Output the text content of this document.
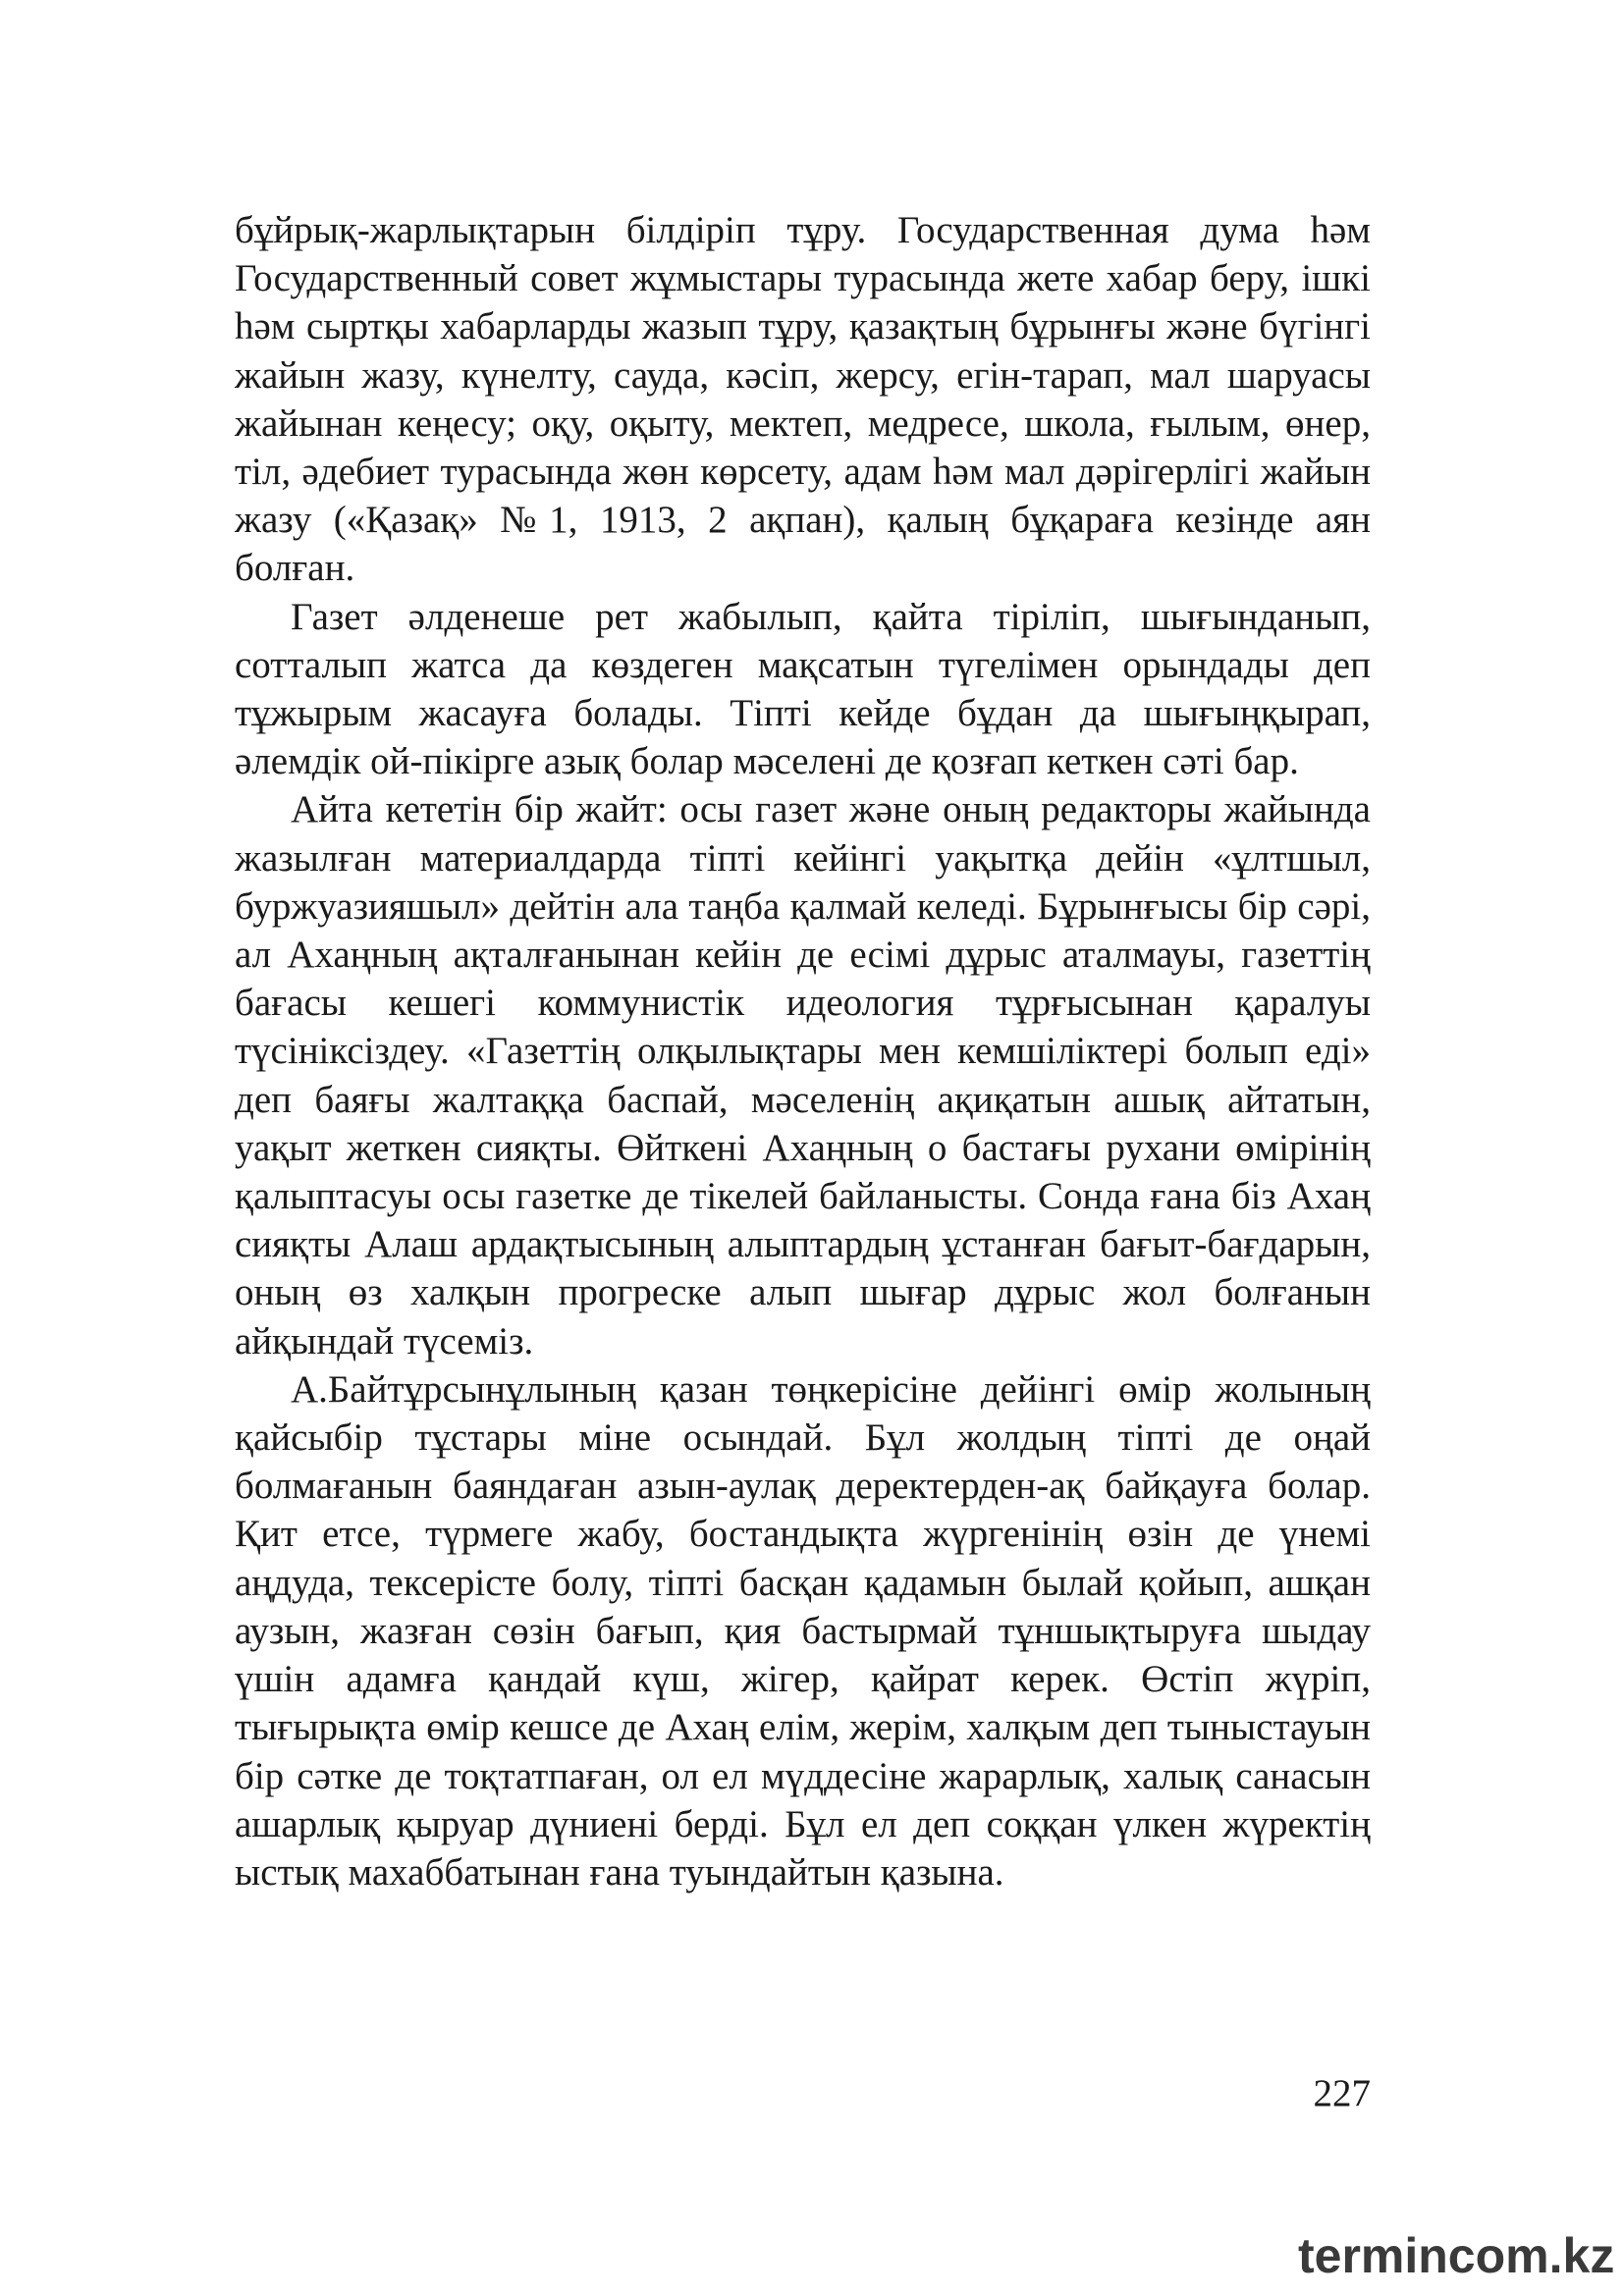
бұйрық-жарлықтарын білдіріп тұру. Государственная дума һәм Государственный совет жұмыстары турасында жете хабар беру, ішкі һәм сыртқы хабарларды жазып тұру, қазақтың бұрынғы және бүгінгі жайын жазу, күнелту, сауда, кәсіп, жерсу, егін-тарап, мал шаруасы жайынан кеңесу; оқу, оқыту, мектеп, медресе, школа, ғылым, өнер, тіл, әдебиет турасында жөн көрсету, адам һәм мал дәрігерлігі жайын жазу («Қазақ» №1, 1913, 2 ақпан), қалың бұқараға кезінде аян болған.

Газет әлденеше рет жабылып, қайта тіріліп, шығынданып, сотталып жатса да көздеген мақсатын түгелімен орындады деп тұжырым жасауға болады. Тіпті кейде бұдан да шығыңқырап, әлемдік ой-пікірге азық болар мәселені де қозғап кеткен сәті бар.

Айта кететін бір жайт: осы газет және оның редакторы жайында жазылған материалдарда тіпті кейінгі уақытқа дейін «ұлтшыл, буржуазияшыл» дейтін ала таңба қалмай келеді. Бұрынғысы бір сәрі, ал Ахаңның ақталғанынан кейін де есімі дұрыс аталмауы, газеттің бағасы кешегі коммунистік идеология тұрғысынан қаралуы түсініксіздеу. «Газеттің олқылықтары мен кемшіліктері болып еді» деп баяғы жалтаққа баспай, мәселенің ақиқатын ашық айтатын, уақыт жеткен сияқты. Өйткені Ахаңның о бастағы рухани өмірінің қалыптасуы осы газетке де тікелей байланысты. Сонда ғана біз Ахаң сияқты Алаш ардақтысының алыптардың ұстанған бағыт-бағдарын, оның өз халқын прогреске алып шығар дұрыс жол болғанын айқындай түсеміз.

А.Байтұрсынұлының қазан төңкерісіне дейінгі өмір жолының қайсыбір тұстары міне осындай. Бұл жолдың тіпті де оңай болмағанын баяндаған азын-аулақ деректерден-ақ байқауға болар. Қит етсе, түрмеге жабу, бостандықта жүргенінің өзін де үнемі аңдуда, тексерісте болу, тіпті басқан қадамын былай қойып, ашқан аузын, жазған сөзін бағып, қия бастырмай тұншықтыруға шыдау үшін адамға қандай күш, жігер, қайрат керек. Өстіп жүріп, тығырықта өмір кешсе де Ахаң елім, жерім, халқым деп тыныстауын бір сәтке де тоқтатпаған, ол ел мүддесіне жарарлық, халық санасын ашарлық қыруар дүниені берді. Бұл ел деп соққан үлкен жүректің ыстық махаббатынан ғана туындайтын қазына.

227
termincom.kz
